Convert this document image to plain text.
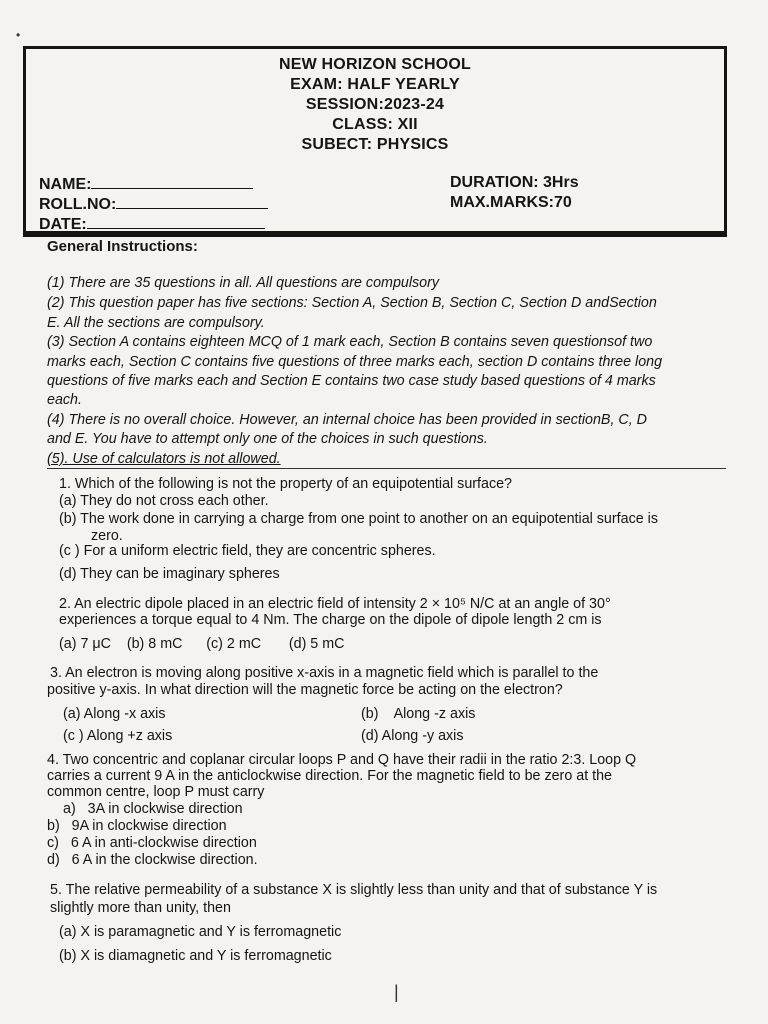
•
|
NEW HORIZON SCHOOL
EXAM: HALF YEARLY
SESSION:2023-24
CLASS: XII
SUBECT: PHYSICS
NAME:
ROLL.NO:
DATE:
DURATION: 3Hrs
MAX.MARKS:70
General Instructions:
(1) There are 35 questions in all. All questions are compulsory
(2) This question paper has five sections: Section A, Section B, Section C, Section D andSection
E. All the sections are compulsory.
(3) Section A contains eighteen MCQ of 1 mark each, Section B contains seven questionsof two
marks each, Section C contains five questions of three marks each, section D contains three long
questions of five marks each and Section E contains two case study based questions of 4 marks
each.
(4) There is no overall choice. However, an internal choice has been provided in sectionB, C, D
and E. You have to attempt only one of the choices in such questions.
(5). Use of calculators is not allowed.
1. Which of the following is not the property of an equipotential surface?
(a) They do not cross each other.
(b) The work done in carrying a charge from one point to another on an equipotential surface is
zero.
(c ) For a uniform electric field, they are concentric spheres.
(d) They can be imaginary spheres
2. An electric dipole placed in an electric field of intensity 2 × 10⁵ N/C at an angle of 30°
experiences a torque equal to 4 Nm. The charge on the dipole of dipole length 2 cm is
(a) 7 μC    (b) 8 mC      (c) 2 mC       (d) 5 mC
3. An electron is moving along positive x-axis in a magnetic field which is parallel to the
positive y-axis. In what direction will the magnetic force be acting on the electron?
(a) Along -x axis	(b)    Along -z axis
(c ) Along +z axis	(d) Along -y axis
4. Two concentric and coplanar circular loops P and Q have their radii in the ratio 2:3. Loop Q
carries a current 9 A in the anticlockwise direction. For the magnetic field to be zero at the
common centre, loop P must carry
a)   3A in clockwise direction
b)   9A in clockwise direction
c)   6 A in anti-clockwise direction
d)   6 A in the clockwise direction.
5. The relative permeability of a substance X is slightly less than unity and that of substance Y is
slightly more than unity, then
(a) X is paramagnetic and Y is ferromagnetic
(b) X is diamagnetic and Y is ferromagnetic
